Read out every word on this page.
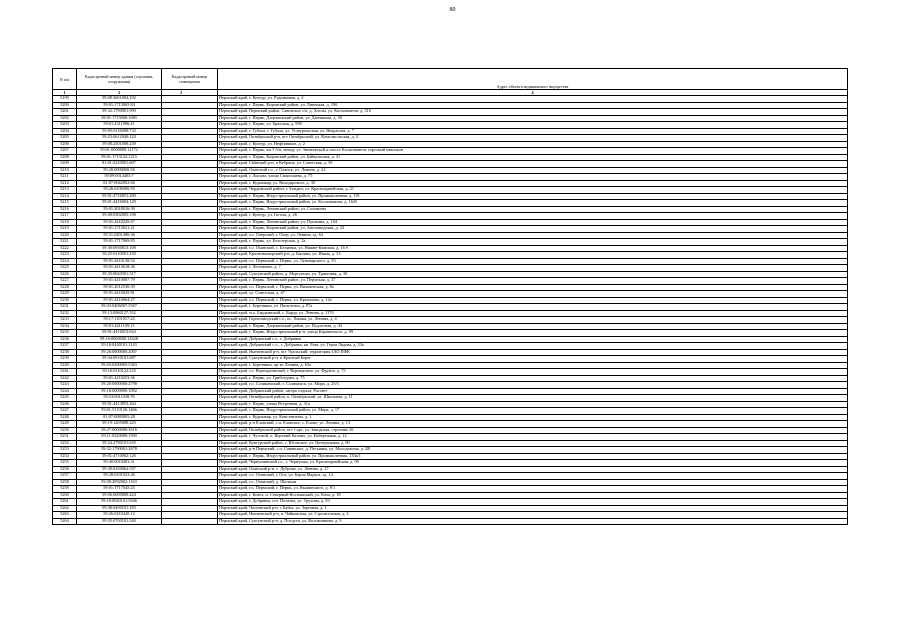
80
N п/п	Кадастровый номер здания (строения, сооружения)	Кадастровый номер помещения	Адрес объекта недвижимого имущества
1	2	3	4
5199	59:08:3601004:192		Пермский край, г. Кунгур, ул. Рудниковая, д. 2
5200	59:01:1713965:84		Пермский край, г. Пермь, Кировский район, ул. Липецкая, д. 19б
5201	59:32:1790001:990		Пермский край, Пермский район, Савинское с/п, д. Хохлы, ул. Космонавтов, д. 310
5202	59:01:1713068:1685		Пермский край, г. Пермь, Дзержинский район, ул. Данчикова, д. 50
5203	59:01:4311986:41		Пермский край, г. Пермь, ул. Братская, д. 99б
5204	59:05:0116008:733		Пермский край, г. Губаха, г. Губаха, ул. Углеуральская, ул. Некрасова, д. 7
5205	59:23:0612040:124		Пермский край, Октябрьский р-н, пгт Октябрьский, ул. Комсомольская, д. 2
5206	59:08:2501008:239		Пермский край, г. Кунгур, ул. Нефтяников, д. 2
5207	59:01:0000000:11172		Пермский край, г. Пермь, км 5 б/н, между ул. Звеньевской и шоссе Космонавтов, торговый павильон
5208	59:01:1713122:1215		Пермский край, г. Пермь, Кировский район, ул. Байкальская, д. 31
5209	81:01:0220001:607		Пермский край, Гайнский р-н, п Кебраты, ул. Советская, д. 39
5210	59:28:0000000:56		Пермский край, Оханский г.о., г. Оханск, ул. Ленина, д. 22
5211	59:09:0014403:7		Пермский край, г. Лысьва, улица Смышляева, д. 75
5212	81:07:0042002:66		Пермский край, г. Кудымкар, ул. Володарского, д. 30
5213	59:26:0106006:93		Пермский край, Чердынский район, г. Бондюг, ул. Красноармейская, д. 21
5214	59:01:4716051:200		Пермский край, г. Пермь, Индустриальный район, ул. Промышленная, д. 101
5215	59:01:4416004:129		Пермский край, г. Пермь, Индустриальный район, ул. Космонавтов, д. 162б
5216	59:01:2018016:39		Пермский край, г. Пермь, Ленинский район, ул. Соловьева
5217	59:08:0302005:198		Пермский край, г. Кунгур, ул. Гоголя, д. 26
5218	59:01:4410245:67		Пермский край, г. Пермь, Ленинский район, ул. Пушкина, д. 104
5219	59:01:1713021:21		Пермский край, г. Пермь, Кировский район, ул. Автозаводская, д. 23
5220	59:31:0401496:36		Пермский край, г.о. Очёрский, г. Очер, ул. Ленина, зд. 64
5221	59:01:1717069:85		Пермский край, г. Пермь, ул. Белозерская, д. 2а
5222	59:30:0930013:108		Пермский край, г.о. Оханский, с. Беляевка, ул. Нижне-Камская, д. 16 б
5223	59:25:0110001:239		Пермский край, Красновишерский р-н, д. Бычина, ул. Ивана, д. 33
5224	59:01:4410138:52		Пермский край, г.о. Пермский, г. Пермь, ул. Луначарского, д. 55
5225	59:01:4413618:36		Пермский край, г. Лесничево, д. 7
5226	59:35:0620301:317		Пермский край, Суксунский район, д. Моргуново, ул. Трактовая, д. 30
5227	59:01:4410087:79		Пермский край, г. Пермь, Ленинский район, ул. Пермская, д. 37
5228	59:01:2012530:39		Пермский край, г.о. Пермский, г. Пермь, ул. Вильвенская, д. 8а
5229	59:01:4410045:81		Пермский край, ул. Советская, д. 47
5230	59:01:4410064:27		Пермский край, г.о. Пермский, г. Пермь, ул. Кропачева, д. 12а
5231	59:03:0406007:5567		Пермский край, г. Березники, ул. Пятилетки, д. 87а
5232	59:13:0060127:332		Пермский край, м.о. Бардымский, с. Барда, ул. Ленина, д. 117б
5233	59:17:1101017:24		Пермский край, Горнозаводский г.о., пс. Пашия, ул. Ленина, д. 4
5234	59:01:4411109:13		Пермский край, г. Пермь, Дзержинский район, ул. Подлесная, д. 43
5235	59:01:4416013:624		Пермский край, г. Пермь, Индустриальный р-н, улица Карпинского, д. 99
5236	59:18:0000000:14328		Пермский край, Добрянский г.о., г. Добрянка
5237	59:18:0440101:1143		Пермский край, Добрянский с.о., г. Добрянка, кв. Разв, ул. Героя Лядова, д. 23а
5238	59:26:0000000:2007		Пермский край, Нытвенский р-н, пгт Уральский, территория ЗАО ПФК
5239	59:34:0910101:687		Пермский край, Суксунский р-н, п Красный Берег
5240	59:03:0200005:5363		Пермский край, г. Березники, пр-кт Ленина, д. 63а
5241	59:16:0110122:235		Пермский край, г.о. Верещагинский, г. Верещагино, ул. Фрунзе, д. 75
5242	59:01:4210253:36		Пермский край, г. Пермь, ул. Грибоедова, д. 75
5243	59:20:0000000:2798		Пермский край, г.о. Соликамский, г. Соликамск, ул. Мира, д. 25/3
5244	59:18:0000000:1092		Пермский край, Добрянский район, лагерь отдыха, Рассвет
5245	59:23:0011038:76		Пермский край, Октябрьский район, п. Октябрьский, ул. Школьная, д. 11
5246	59:01:4413853:264		Пермский край, г. Пермь, улица Встречная, д. 31а
5247	59:01:5110126:1466		Пермский край, г. Пермь, Индустриальный район, ул. Мира, д. 17
5248	81:07:0080805:28		Пермский край, г. Кудымкар, ул. Константина, д. 1
5249	59:19:1205008:225		Пермский край, р-н Еловский, с.п. Еловское, с. Елово, ул. Ленина, д. 13
5250	59:27:0000000:3616		Пермский край, Октябрьский район, пгт Сарс, ул. Заводская, строение 2б
5251	59:11:0320000:1390		Пермский край, г. Чусовой, п. Верхний Калино, ул. Набережная, д. 12
5252	59:24:2790101:635		Пермский край, Кунгурский район, с. Юговское, ул. Центральная, д. 60
5253	59:32:1790001:2678		Пермский край, р-н Пермский, с.п. Савинское, д. Песьянка, ул. Молодежная, д. 2В
5254	59:01:4710062:126		Пермский край, г. Пермь, Индустриальный район, ул. Промышленная, 133а/1
5255	59:40:0010403:31		Пермский край, Чернушинский г.о., г. Чернушка, ул. Красноармейская, д. 90
5256	59:30:0250062:337		Пермский край, Оханский р-н, с. Дуброво, ул. Ленина, д. 27
5257	59:28:0101023:46		Пермский край, г.о. Оханский, г. Оса, ул. Карла Маркса, зд. 14
5258	59:30:2092002:1163		Пермский край, г.о. Оханский, д. Шалаши
5259	59:01:1717045:23		Пермский край, г.о. Пермский, г. Пермь, ул. Вышинского, д. 9/1
5260	59:06:0000000:424		Пермский край, г. Кизел, п. Северный-Коспашский, ул. Кача, д. 18
5261	59:18:0020101:5646		Пермский край, г. Добрянка, пгт. Полазна, ул. Трухина, д. 83
5262	59:38:0490101:183		Пермский край, Частинский р-н, с Бабка, ул. Заречная, д. 1
5263	59:26:0410420:12		Пермский край, Нытвенский р-н, п. Чайковская, ул. Строительная, д. 2
5264	59:35:0700101:540		Пермский край, Суксунский р-н, д. Поедуги, ул. Воложинкова, д. 9
